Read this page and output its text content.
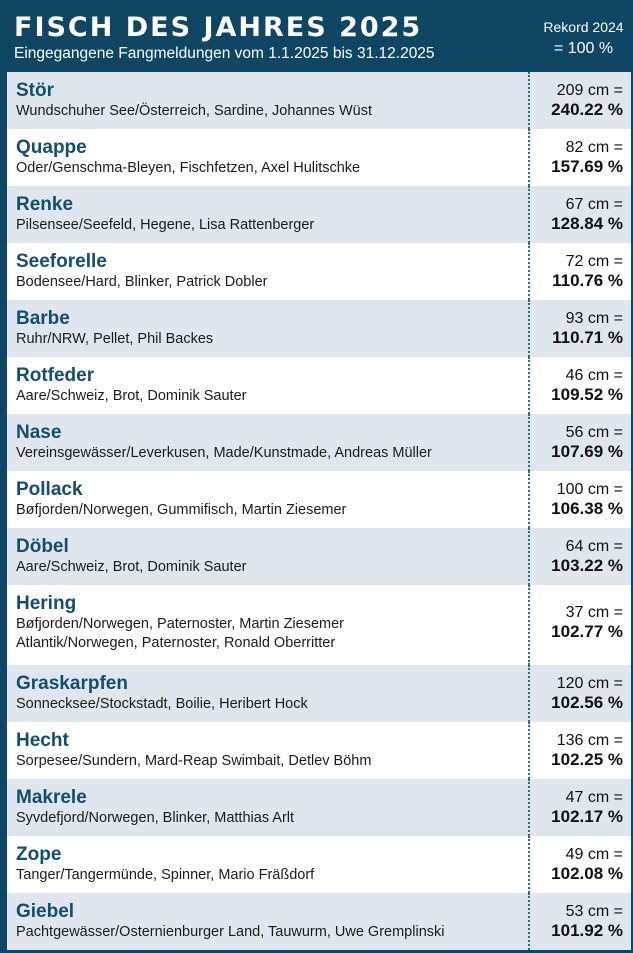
FISCH DES JAHRES 2025
Eingegangene Fangmeldungen vom 1.1.2025 bis 31.12.2025
Rekord 2024
= 100 %
Stör
Wundschuher See/Österreich, Sardine, Johannes Wüst
209 cm =
240.22 %
Quappe
Oder/Genschma-Bleyen, Fischfetzen, Axel Hulitschke
82 cm =
157.69 %
Renke
Pilsensee/Seefeld, Hegene, Lisa Rattenberger
67 cm =
128.84 %
Seeforelle
Bodensee/Hard, Blinker, Patrick Dobler
72 cm =
110.76 %
Barbe
Ruhr/NRW, Pellet, Phil Backes
93 cm =
110.71 %
Rotfeder
Aare/Schweiz, Brot, Dominik Sauter
46 cm =
109.52 %
Nase
Vereinsgewässer/Leverkusen, Made/Kunstmade, Andreas Müller
56 cm =
107.69 %
Pollack
Bøfjorden/Norwegen, Gummifisch, Martin Ziesemer
100 cm =
106.38 %
Döbel
Aare/Schweiz, Brot, Dominik Sauter
64 cm =
103.22 %
Hering
Bøfjorden/Norwegen, Paternoster, Martin Ziesemer
Atlantik/Norwegen, Paternoster, Ronald Oberritter
37 cm =
102.77 %
Graskarpfen
Sonnecksee/Stockstadt, Boilie, Heribert Hock
120 cm =
102.56 %
Hecht
Sorpesee/Sundern, Mard-Reap Swimbait, Detlev Böhm
136 cm =
102.25 %
Makrele
Syvdefjord/Norwegen, Blinker, Matthias Arlt
47 cm =
102.17 %
Zope
Tanger/Tangermünde, Spinner, Mario Fräßdorf
49 cm =
102.08 %
Giebel
Pachtgewässer/Osternienburger Land, Tauwurm, Uwe Gremplinski
53 cm =
101.92 %
